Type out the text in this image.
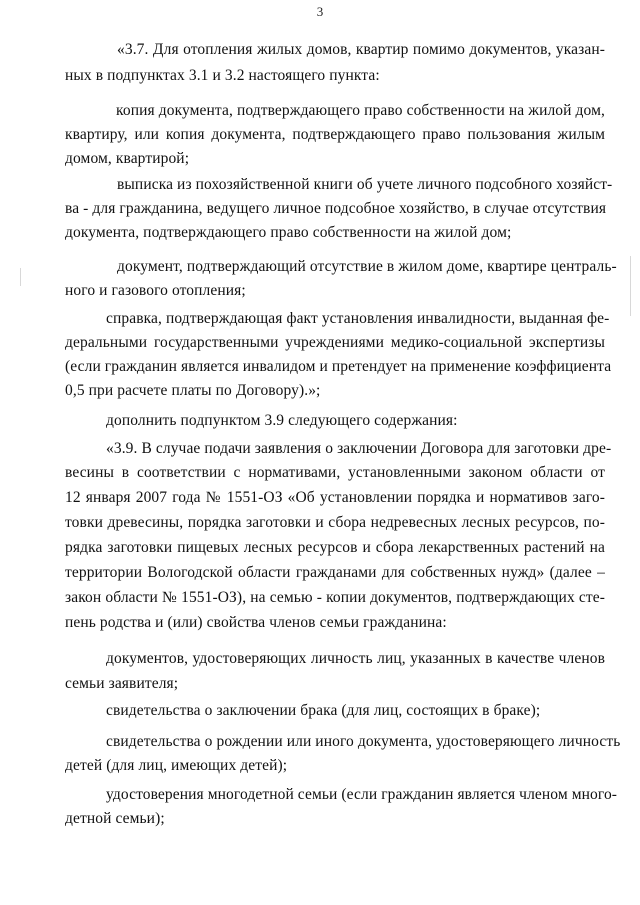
3
«3.7. Для отопления жилых домов, квартир помимо документов, указан-
ных в подпунктах 3.1 и 3.2 настоящего пункта:
копия документа, подтверждающего право собственности на жилой дом,
квартиру, или копия документа, подтверждающего право пользования жилым
домом, квартирой;
выписка из похозяйственной книги об учете личного подсобного хозяйст-
ва - для гражданина, ведущего личное подсобное хозяйство, в случае отсутствия
документа, подтверждающего право собственности на жилой дом;
документ, подтверждающий отсутствие в жилом доме, квартире централь-
ного и газового отопления;
справка, подтверждающая факт установления инвалидности, выданная фе-
деральными государственными учреждениями медико-социальной экспертизы
(если гражданин является инвалидом и претендует на применение коэффициента
0,5 при расчете платы по Договору).»;
дополнить подпунктом 3.9 следующего содержания:
«3.9. В случае подачи заявления о заключении Договора для заготовки дре-
весины в соответствии с нормативами, установленными законом области от
12 января 2007 года № 1551-ОЗ «Об установлении порядка и нормативов заго-
товки древесины, порядка заготовки и сбора недревесных лесных ресурсов, по-
рядка заготовки пищевых лесных ресурсов и сбора лекарственных растений на
территории Вологодской области гражданами для собственных нужд» (далее –
закон области № 1551-ОЗ), на семью - копии документов, подтверждающих сте-
пень родства и (или) свойства членов семьи гражданина:
документов, удостоверяющих личность лиц, указанных в качестве членов
семьи заявителя;
свидетельства о заключении брака (для лиц, состоящих в браке);
свидетельства о рождении или иного документа, удостоверяющего личность
детей (для лиц, имеющих детей);
удостоверения многодетной семьи (если гражданин является членом много-
детной семьи);
